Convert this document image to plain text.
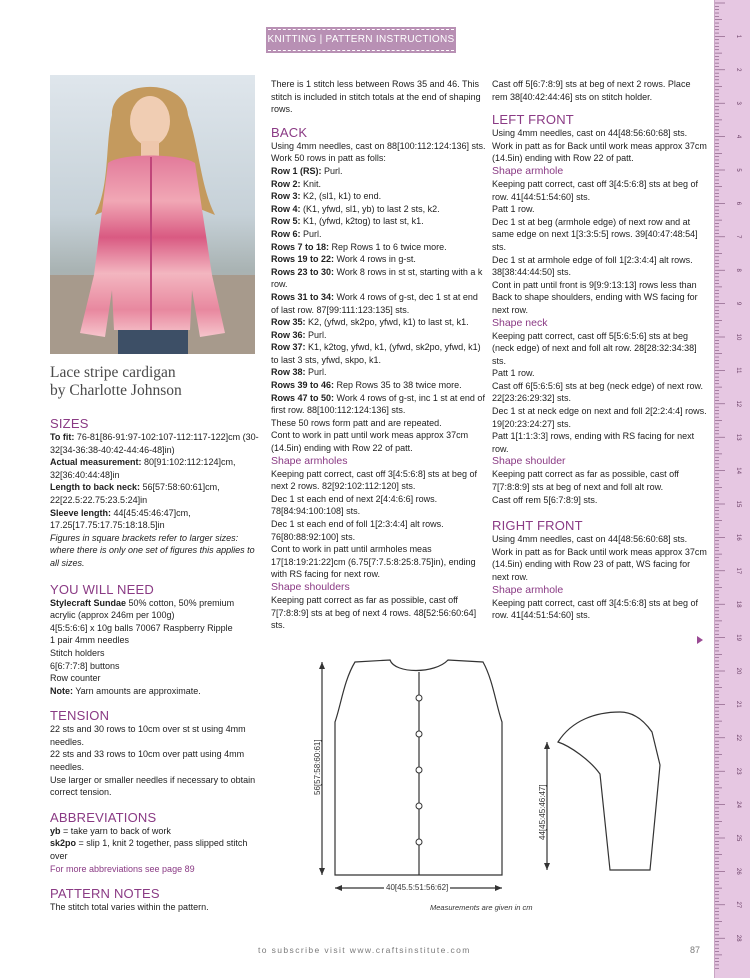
KNITTING | PATTERN INSTRUCTIONS	1
2
3
4
5
6
7
8
9
10
11
12
13
14
15
16
17
18
19
20
21
22
23
24
25
26
27
28
Lace stripe cardigan
by Charlotte Johnson
SIZES

To fit: 76-81[86-91:97-102:107-112:117-122]cm (30-32[34-36:38-40:42-44:46-48]in)

Actual measurement: 80[91:102:112:124]cm, 32[36:40:44:48]in

Length to back neck: 56[57:58:60:61]cm, 22[22.5:22.75:23.5:24]in

Sleeve length: 44[45:45:46:47]cm, 17.25[17.75:17.75:18:18.5]in

Figures in square brackets refer to larger sizes: where there is only one set of figures this applies to all sizes.

YOU WILL NEED

Stylecraft Sundae 50% cotton, 50% premium acrylic (approx 246m per 100g)

4[5:5:6:6] x 10g balls 70067 Raspberry Ripple

1 pair 4mm needles

Stitch holders

6[6:7:7:8] buttons

Row counter

Note: Yarn amounts are approximate.

TENSION

22 sts and 30 rows to 10cm over st st using 4mm needles.

22 sts and 33 rows to 10cm over patt using 4mm needles.

Use larger or smaller needles if necessary to obtain correct tension.

ABBREVIATIONS

yb = take yarn to back of work

sk2po = slip 1, knit 2 together, pass slipped stitch over

For more abbreviations see page 89

PATTERN NOTES

The stitch total varies within the pattern.

There is 1 stitch less between Rows 35 and 46. This stitch is included in stitch totals at the end of shaping rows.

BACK

Using 4mm needles, cast on 88[100:112:124:136] sts.

Work 50 rows in patt as folls:

Row 1 (RS): Purl.

Row 2: Knit.

Row 3: K2, (sl1, k1) to end.

Row 4: (K1, yfwd, sl1, yb) to last 2 sts, k2.

Row 5: K1, (yfwd, k2tog) to last st, k1.

Row 6: Purl.

Rows 7 to 18: Rep Rows 1 to 6 twice more.

Rows 19 to 22: Work 4 rows in g-st.

Rows 23 to 30: Work 8 rows in st st, starting with a k row.

Rows 31 to 34: Work 4 rows of g-st, dec 1 st at end of last row. 87[99:111:123:135] sts.

Row 35: K2, (yfwd, sk2po, yfwd, k1) to last st, k1.

Row 36: Purl.

Row 37: K1, k2tog, yfwd, k1, (yfwd, sk2po, yfwd, k1) to last 3 sts, yfwd, skpo, k1.

Row 38: Purl.

Rows 39 to 46: Rep Rows 35 to 38 twice more.

Rows 47 to 50: Work 4 rows of g-st, inc 1 st at end of first row. 88[100:112:124:136] sts.

These 50 rows form patt and are repeated.

Cont to work in patt until work meas approx 37cm (14.5in) ending with Row 22 of patt.

Shape armholes

Keeping patt correct, cast off 3[4:5:6:8] sts at beg of next 2 rows. 82[92:102:112:120] sts.

Dec 1 st each end of next 2[4:4:6:6] rows. 78[84:94:100:108] sts.

Dec 1 st each end of foll 1[2:3:4:4] alt rows. 76[80:88:92:100] sts.

Cont to work in patt until armholes meas 17[18:19:21:22]cm (6.75[7:7.5:8:25:8.75]in), ending with RS facing for next row.

Shape shoulders

Keeping patt correct as far as possible, cast off 7[7:8:8:9] sts at beg of next 4 rows. 48[52:56:60:64] sts.

Cast off 5[6:7:8:9] sts at beg of next 2 rows. Place rem 38[40:42:44:46] sts on stitch holder.

LEFT FRONT

Using 4mm needles, cast on 44[48:56:60:68] sts.

Work in patt as for Back until work meas approx 37cm (14.5in) ending with Row 22 of patt.

Shape armhole

Keeping patt correct, cast off 3[4:5:6:8] sts at beg of row. 41[44:51:54:60] sts.

Patt 1 row.

Dec 1 st at beg (armhole edge) of next row and at same edge on next 1[3:3:5:5] rows. 39[40:47:48:54] sts.

Dec 1 st at armhole edge of foll 1[2:3:4:4] alt rows. 38[38:44:44:50] sts.

Cont in patt until front is 9[9:9:13:13] rows less than Back to shape shoulders, ending with WS facing for next row.

Shape neck

Keeping patt correct, cast off 5[5:6:5:6] sts at beg (neck edge) of next and foll alt row. 28[28:32:34:38] sts.

Patt 1 row.

Cast off 6[5:6:5:6] sts at beg (neck edge) of next row. 22[23:26:29:32] sts.

Dec 1 st at neck edge on next and foll 2[2:2:4:4] rows. 19[20:23:24:27] sts.

Patt 1[1:1:3:3] rows, ending with RS facing for next row.

Shape shoulder

Keeping patt correct as far as possible, cast off 7[7:8:8:9] sts at beg of next and foll alt row.

Cast off rem 5[6:7:8:9] sts.

RIGHT FRONT

Using 4mm needles, cast on 44[48:56:60:68] sts.

Work in patt as for Back until work meas approx 37cm (14.5in) ending with Row 23 of patt, WS facing for next row.

Shape armhole

Keeping patt correct, cast off 3[4:5:6:8] sts at beg of row. 41[44:51:54:60] sts.

56[57:58:60:61]
40[45.5:51:56:62]
44[45:45:46:47]
Measurements are given in cm
to subscribe visit www.craftsinstitute.com	87
